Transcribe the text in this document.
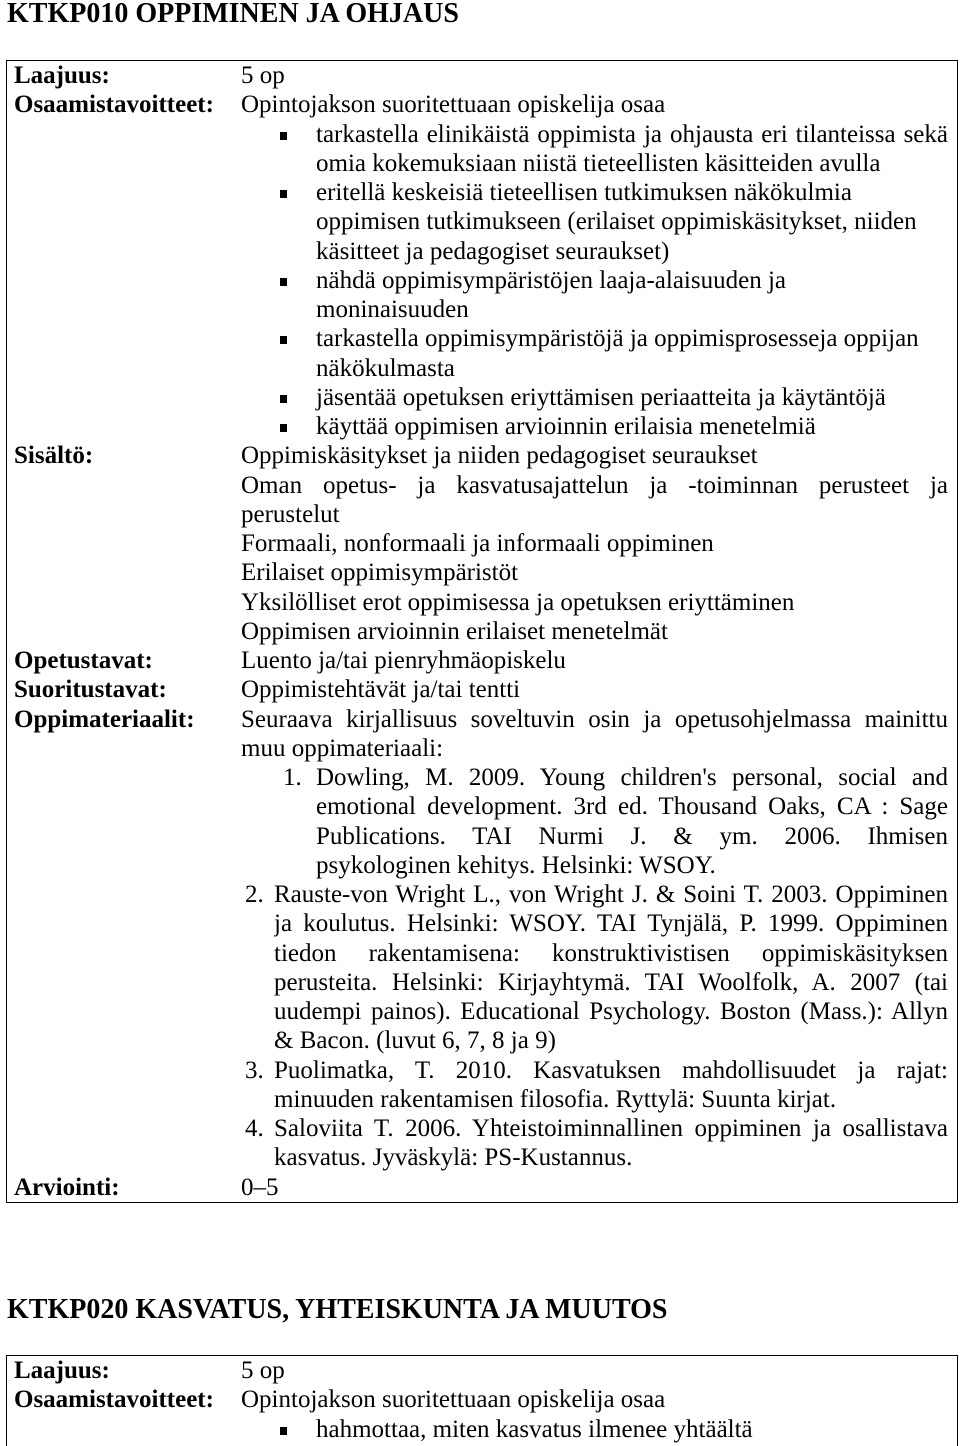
KTKP010 OPPIMINEN JA OHJAUS
Laajuus:	5 op
Osaamistavoitteet:	Opintojakson suoritettuaan opiskelija osaa
tarkastella elinikäistä oppimista ja ohjausta eri tilanteissa sekä
omia kokemuksiaan niistä tieteellisten käsitteiden avulla
eritellä keskeisiä tieteellisen tutkimuksen näkökulmia
oppimisen tutkimukseen (erilaiset oppimiskäsitykset, niiden
käsitteet ja pedagogiset seuraukset)
nähdä oppimisympäristöjen laaja-alaisuuden ja
moninaisuuden
tarkastella oppimisympäristöjä ja oppimisprosesseja oppijan
näkökulmasta
jäsentää opetuksen eriyttämisen periaatteita ja käytäntöjä
käyttää oppimisen arvioinnin erilaisia menetelmiä
Sisältö:	Oppimiskäsitykset ja niiden pedagogiset seuraukset
Oman opetus- ja kasvatusajattelun ja -toiminnan perusteet ja
perustelut
Formaali, nonformaali ja informaali oppiminen
Erilaiset oppimisympäristöt
Yksilölliset erot oppimisessa ja opetuksen eriyttäminen
Oppimisen arvioinnin erilaiset menetelmät
Opetustavat:	Luento ja/tai pienryhmäopiskelu
Suoritustavat:	Oppimistehtävät ja/tai tentti
Oppimateriaalit:	Seuraava kirjallisuus soveltuvin osin ja opetusohjelmassa mainittu
muu oppimateriaali:
1. Dowling, M. 2009. Young children's personal, social and
emotional development. 3rd ed. Thousand Oaks, CA : Sage
Publications. TAI Nurmi J. & ym. 2006. Ihmisen
psykologinen kehitys. Helsinki: WSOY.
2. Rauste-von Wright L., von Wright J. & Soini T. 2003. Oppiminen
ja koulutus. Helsinki: WSOY. TAI Tynjälä, P. 1999. Oppiminen
tiedon rakentamisena: konstruktivistisen oppimiskäsityksen
perusteita. Helsinki: Kirjayhtymä. TAI Woolfolk, A. 2007 (tai
uudempi painos). Educational Psychology. Boston (Mass.): Allyn
& Bacon. (luvut 6, 7, 8 ja 9)
3. Puolimatka, T. 2010. Kasvatuksen mahdollisuudet ja rajat:
minuuden rakentamisen filosofia. Ryttylä: Suunta kirjat.
4. Saloviita T. 2006. Yhteistoiminnallinen oppiminen ja osallistava
kasvatus. Jyväskylä: PS-Kustannus.
Arviointi:	0–5
KTKP020 KASVATUS, YHTEISKUNTA JA MUUTOS
Laajuus:	5 op
Osaamistavoitteet:	Opintojakson suoritettuaan opiskelija osaa
hahmottaa, miten kasvatus ilmenee yhtäältä
